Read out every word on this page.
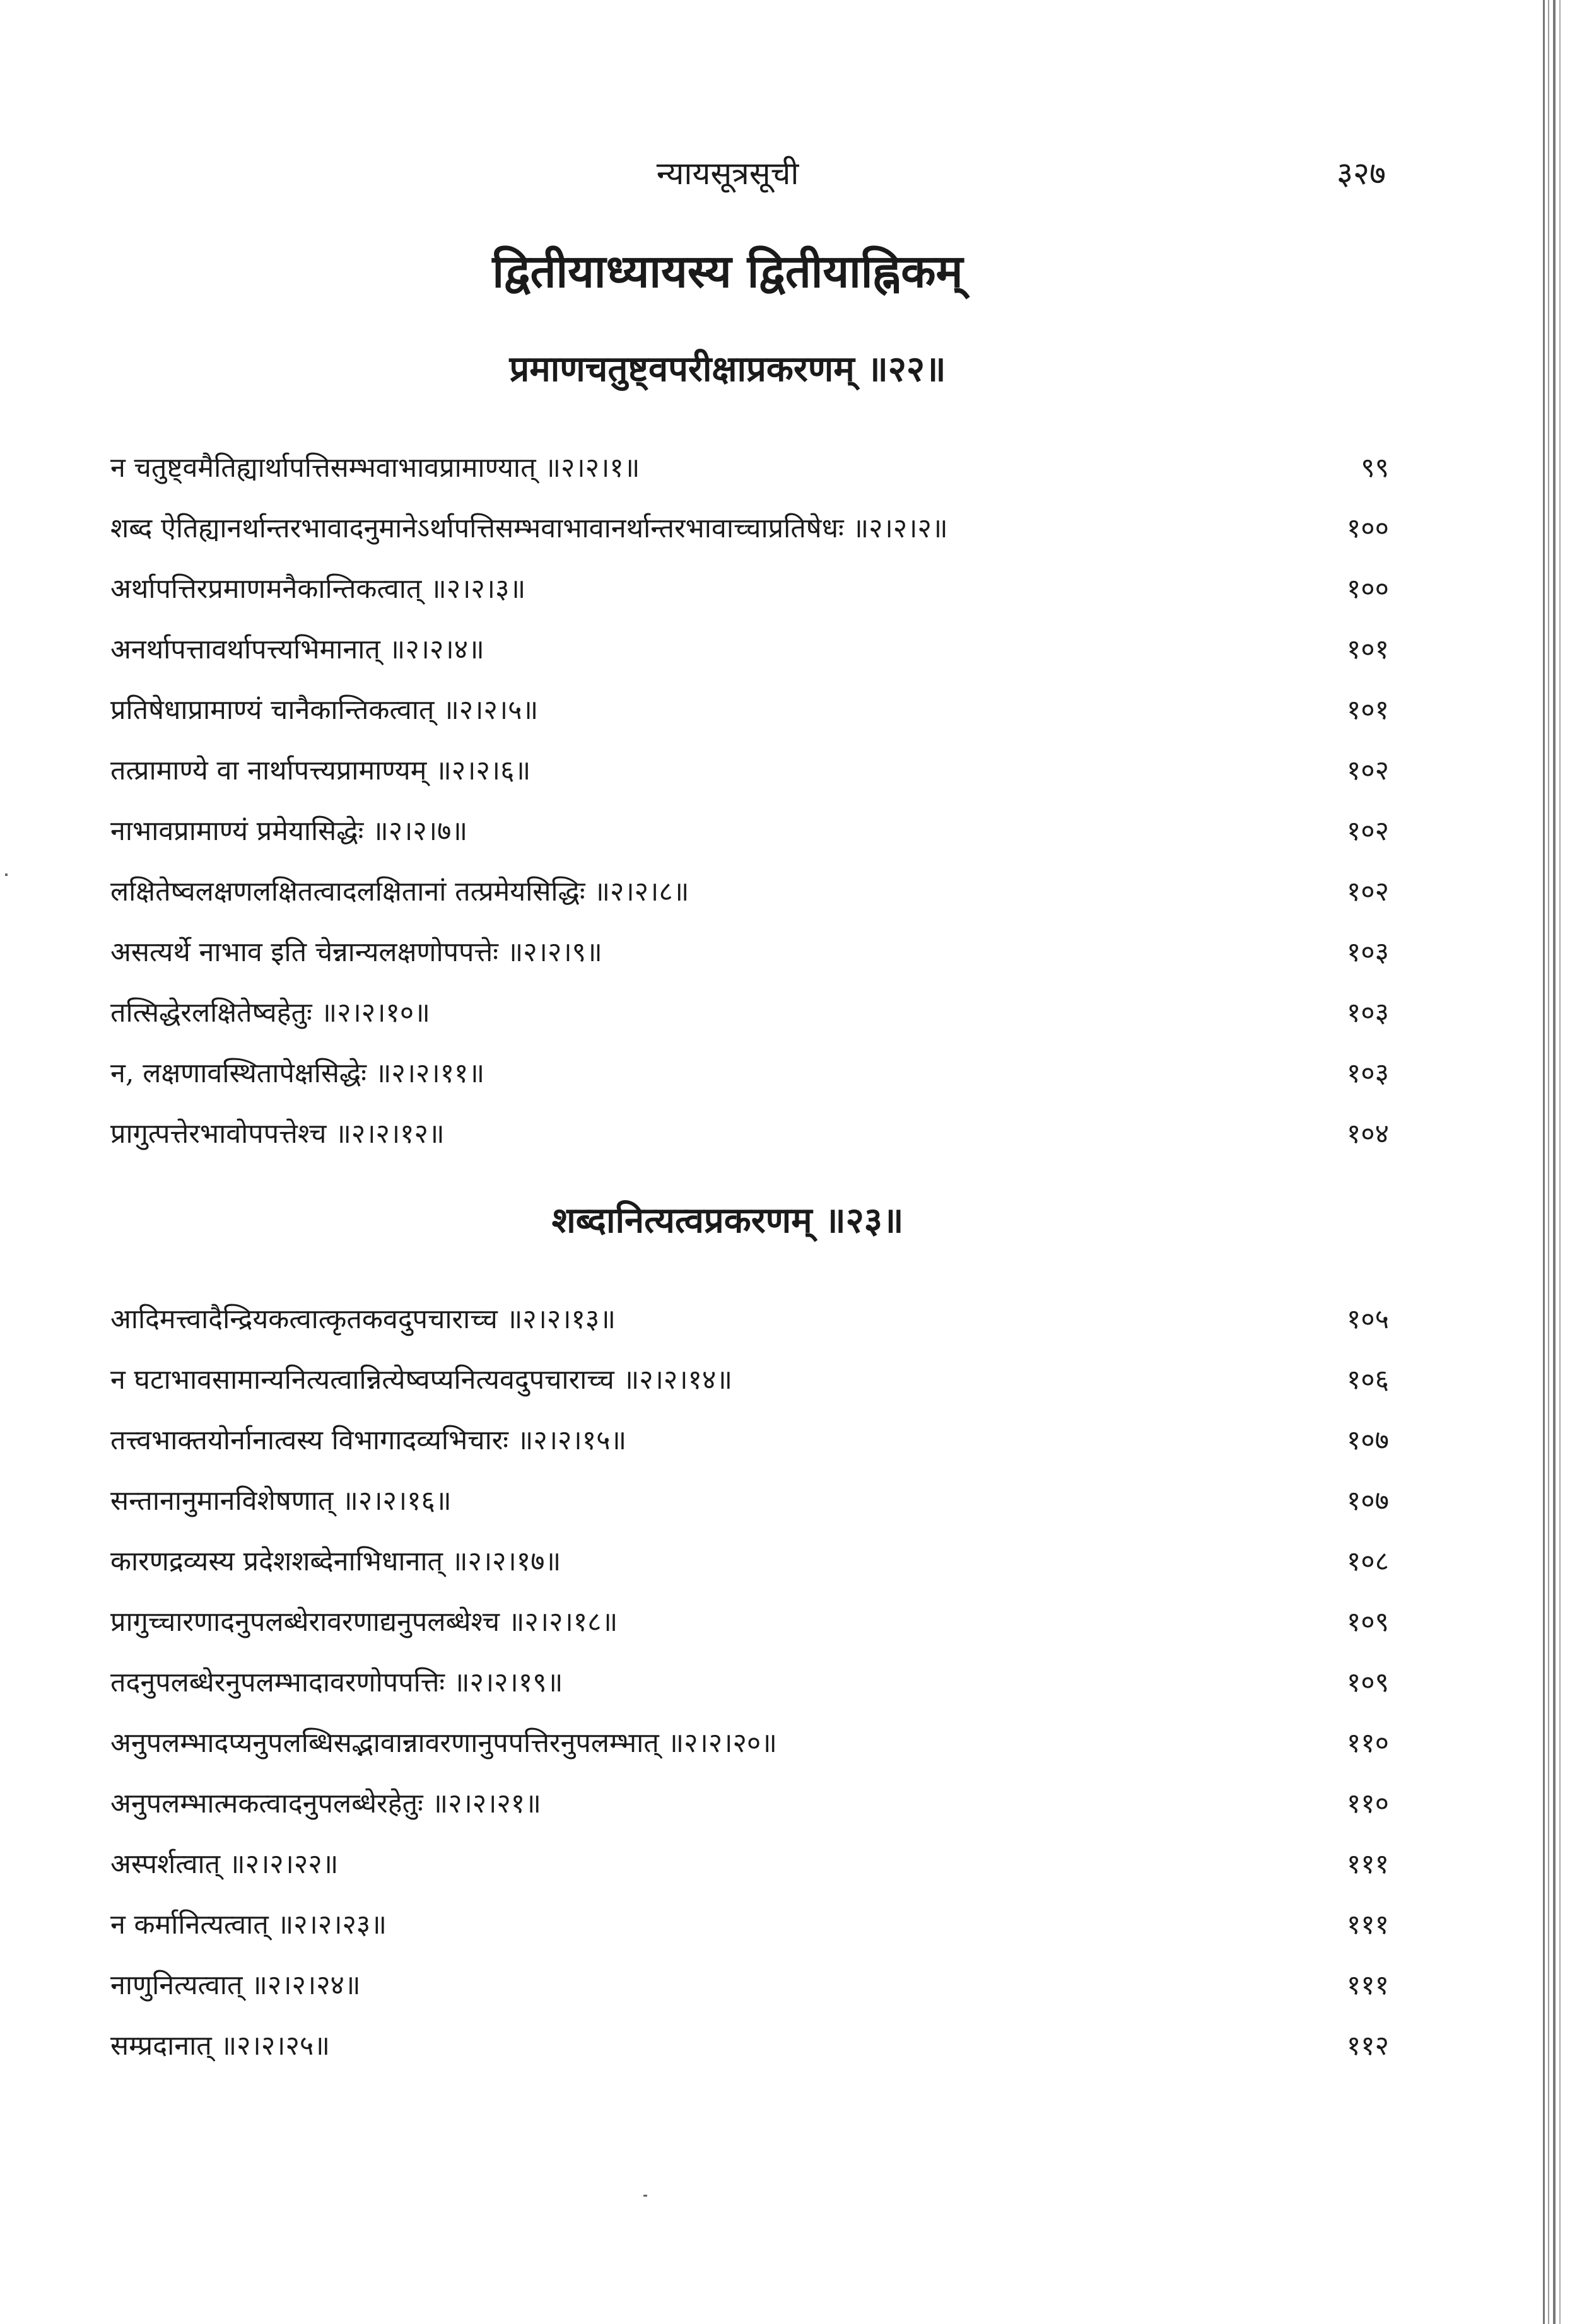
न्यायसूत्रसूची	३२७
द्वितीयाध्यायस्य द्वितीयाह्निकम्
प्रमाणचतुष्ट्वपरीक्षाप्रकरणम् ॥२२॥
न चतुष्ट्वमैतिह्यार्थापत्तिसम्भवाभावप्रामाण्यात् ॥२।२।१॥	९९
शब्द ऐतिह्यानर्थान्तरभावादनुमानेऽर्थापत्तिसम्भवाभावानर्थान्तरभावाच्चाप्रतिषेधः ॥२।२।२॥	१००
अर्थापत्तिरप्रमाणमनैकान्तिकत्वात् ॥२।२।३॥	१००
अनर्थापत्तावर्थापत्त्यभिमानात् ॥२।२।४॥	१०१
प्रतिषेधाप्रामाण्यं चानैकान्तिकत्वात् ॥२।२।५॥	१०१
तत्प्रामाण्ये वा नार्थापत्त्यप्रामाण्यम् ॥२।२।६॥	१०२
नाभावप्रामाण्यं प्रमेयासिद्धेः ॥२।२।७॥	१०२
लक्षितेष्वलक्षणलक्षितत्वादलक्षितानां तत्प्रमेयसिद्धिः ॥२।२।८॥	१०२
असत्यर्थे नाभाव इति चेन्नान्यलक्षणोपपत्तेः ॥२।२।९॥	१०३
तत्सिद्धेरलक्षितेष्वहेतुः ॥२।२।१०॥	१०३
न, लक्षणावस्थितापेक्षसिद्धेः ॥२।२।११॥	१०३
प्रागुत्पत्तेरभावोपपत्तेश्च ॥२।२।१२॥	१०४
शब्दानित्यत्वप्रकरणम् ॥२३॥
आदिमत्त्वादैन्द्रियकत्वात्कृतकवदुपचाराच्च ॥२।२।१३॥	१०५
न घटाभावसामान्यनित्यत्वान्नित्येष्वप्यनित्यवदुपचाराच्च ॥२।२।१४॥	१०६
तत्त्वभाक्तयोर्नानात्वस्य विभागादव्यभिचारः ॥२।२।१५॥	१०७
सन्तानानुमानविशेषणात् ॥२।२।१६॥	१०७
कारणद्रव्यस्य प्रदेशशब्देनाभिधानात् ॥२।२।१७॥	१०८
प्रागुच्चारणादनुपलब्धेरावरणाद्यनुपलब्धेश्च ॥२।२।१८॥	१०९
तदनुपलब्धेरनुपलम्भादावरणोपपत्तिः ॥२।२।१९॥	१०९
अनुपलम्भादप्यनुपलब्धिसद्भावान्नावरणानुपपत्तिरनुपलम्भात् ॥२।२।२०॥	११०
अनुपलम्भात्मकत्वादनुपलब्धेरहेतुः ॥२।२।२१॥	११०
अस्पर्शत्वात् ॥२।२।२२॥	१११
न कर्मानित्यत्वात् ॥२।२।२३॥	१११
नाणुनित्यत्वात् ॥२।२।२४॥	१११
सम्प्रदानात् ॥२।२।२५॥	११२
